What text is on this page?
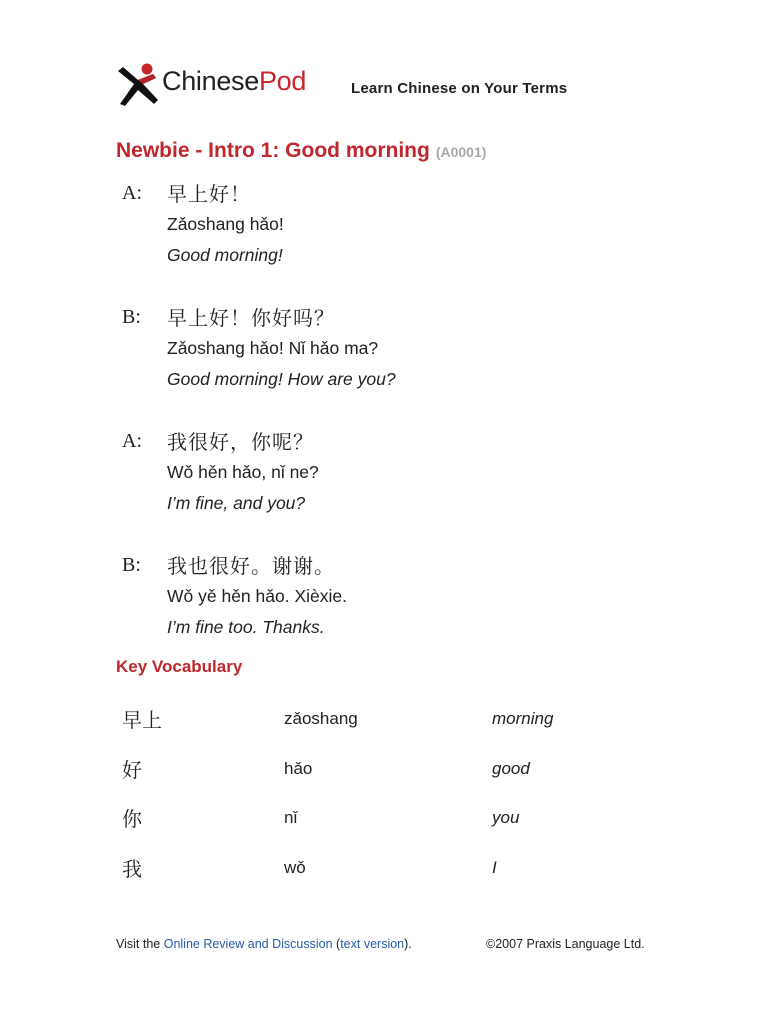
ChinesePod	Learn Chinese on Your Terms
Newbie - Intro 1: Good morning (A0001)
A: 早上好！
Zǎoshang hǎo!
Good morning!
B: 早上好！你好吗？
Zǎoshang hǎo! Nǐ hǎo ma?
Good morning! How are you?
A: 我很好，你呢？
Wǒ hěn hǎo, nǐ ne?
I’m fine, and you?
B: 我也很好。谢谢。
Wǒ yě hěn hǎo. Xièxie.
I’m fine too. Thanks.
Key Vocabulary
早上	zǎoshang	morning
好	hǎo	good
你	nǐ	you
我	wǒ	I
Visit the Online Review and Discussion (text version).	©2007 Praxis Language Ltd.
